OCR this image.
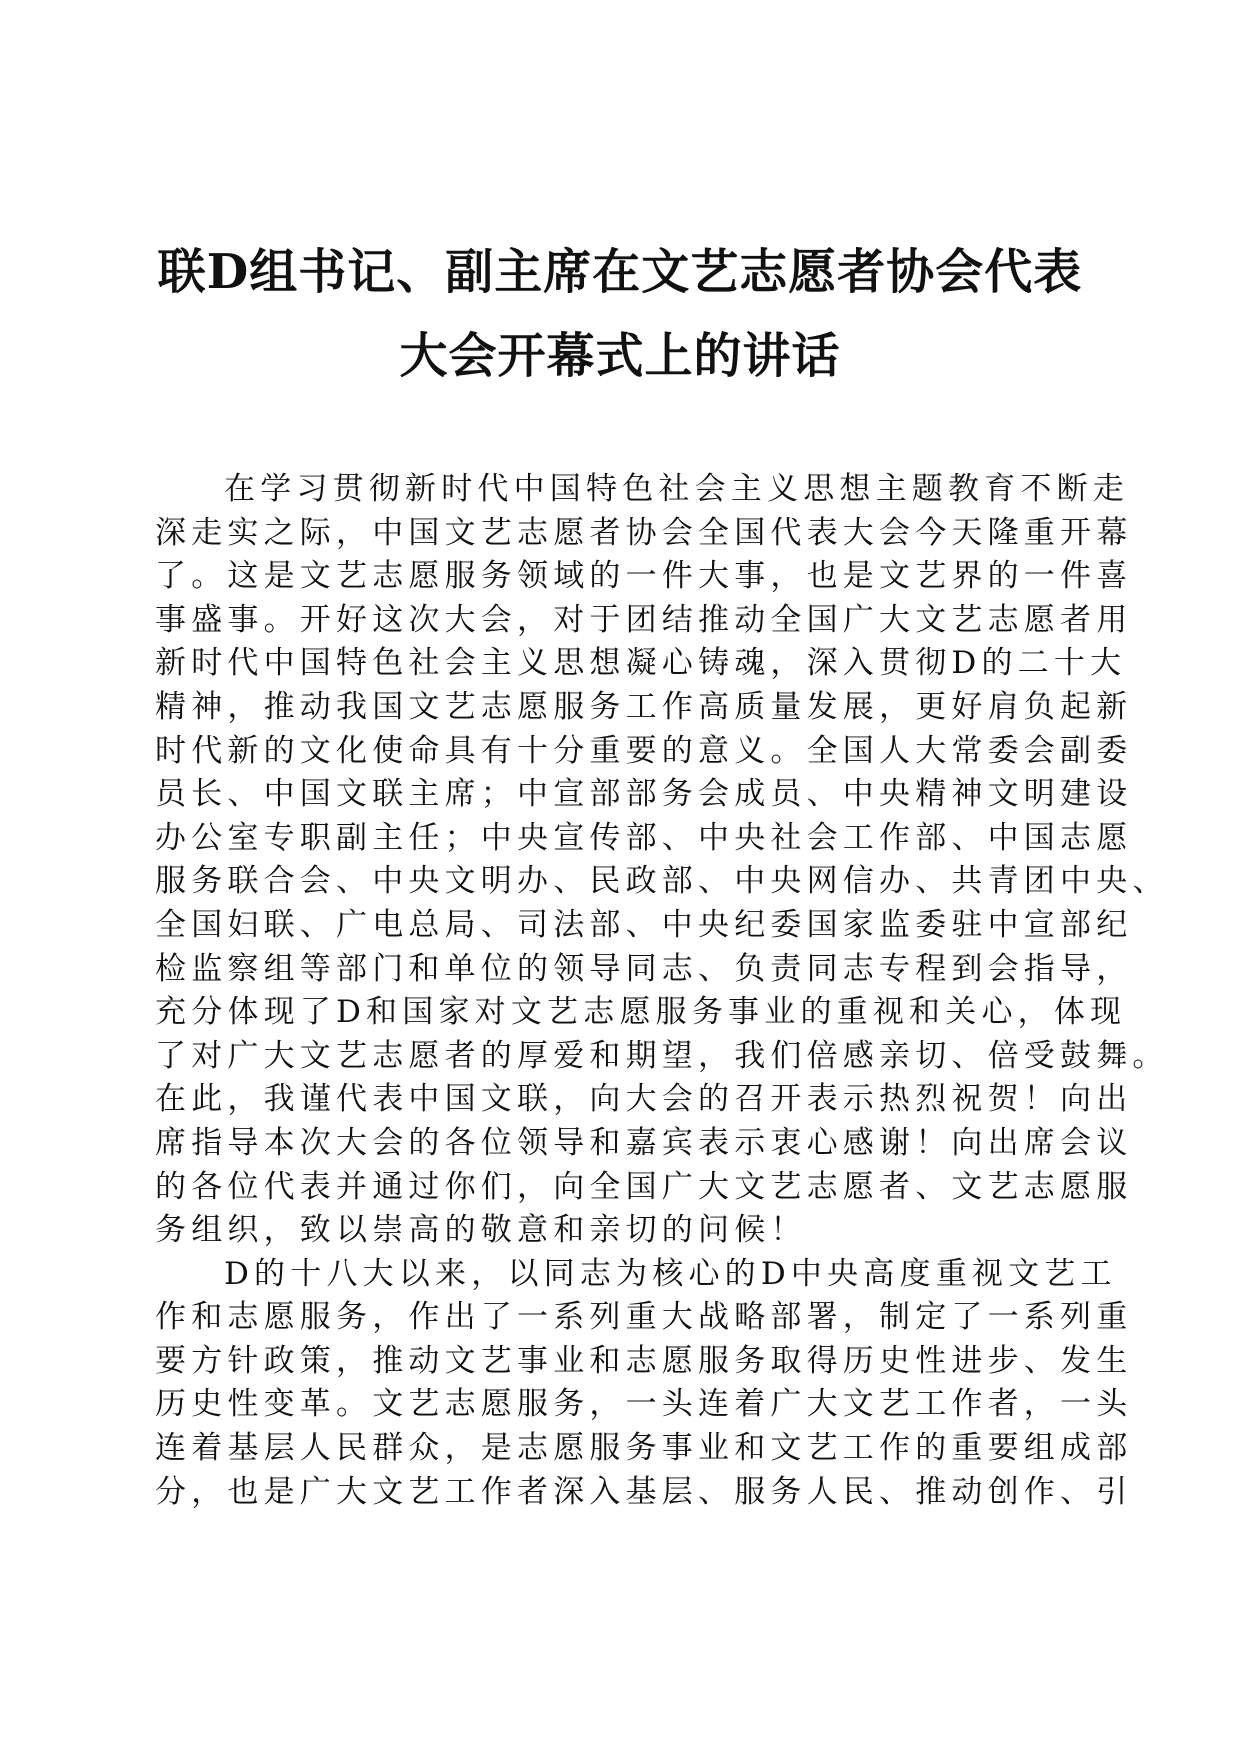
联D组书记、副主席在文艺志愿者协会代表
大会开幕式上的讲话

在学习贯彻新时代中国特色社会主义思想主题教育不断走
深走实之际，中国文艺志愿者协会全国代表大会今天隆重开幕
了。这是文艺志愿服务领域的一件大事，也是文艺界的一件喜
事盛事。开好这次大会，对于团结推动全国广大文艺志愿者用
新时代中国特色社会主义思想凝心铸魂，深入贯彻D的二十大
精神，推动我国文艺志愿服务工作高质量发展，更好肩负起新
时代新的文化使命具有十分重要的意义。全国人大常委会副委
员长、中国文联主席；中宣部部务会成员、中央精神文明建设
办公室专职副主任；中央宣传部、中央社会工作部、中国志愿
服务联合会、中央文明办、民政部、中央网信办、共青团中央、
全国妇联、广电总局、司法部、中央纪委国家监委驻中宣部纪
检监察组等部门和单位的领导同志、负责同志专程到会指导，
充分体现了D和国家对文艺志愿服务事业的重视和关心，体现
了对广大文艺志愿者的厚爱和期望，我们倍感亲切、倍受鼓舞。
在此，我谨代表中国文联，向大会的召开表示热烈祝贺！向出
席指导本次大会的各位领导和嘉宾表示衷心感谢！向出席会议
的各位代表并通过你们，向全国广大文艺志愿者、文艺志愿服
务组织，致以崇高的敬意和亲切的问候！

D的十八大以来，以同志为核心的D中央高度重视文艺工
作和志愿服务，作出了一系列重大战略部署，制定了一系列重
要方针政策，推动文艺事业和志愿服务取得历史性进步、发生
历史性变革。文艺志愿服务，一头连着广大文艺工作者，一头
连着基层人民群众，是志愿服务事业和文艺工作的重要组成部
分，也是广大文艺工作者深入基层、服务人民、推动创作、引
